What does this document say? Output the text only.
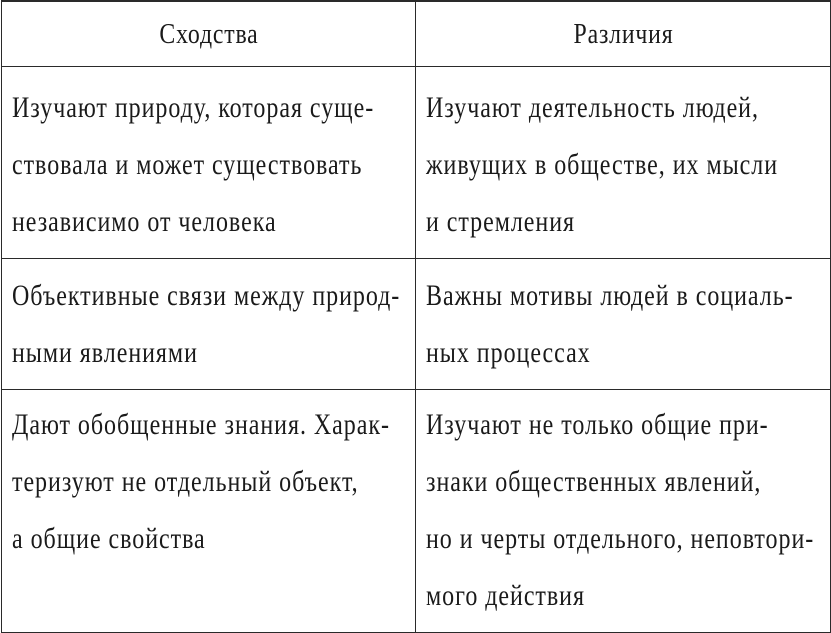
Сходства	Различия

Изучают природу, которая суще-
ствовала и может существовать
независимо от человека	Изучают деятельность людей,
живущих в обществе, их мысли
и стремления

Объективные связи между природ-
ными явлениями	Важны мотивы людей в социаль-
ных процессах

Дают обобщенные знания. Харак-
теризуют не отдельный объект,
а общие свойства	Изучают не только общие при-
знаки общественных явлений,
но и черты отдельного, неповтори-
мого действия
